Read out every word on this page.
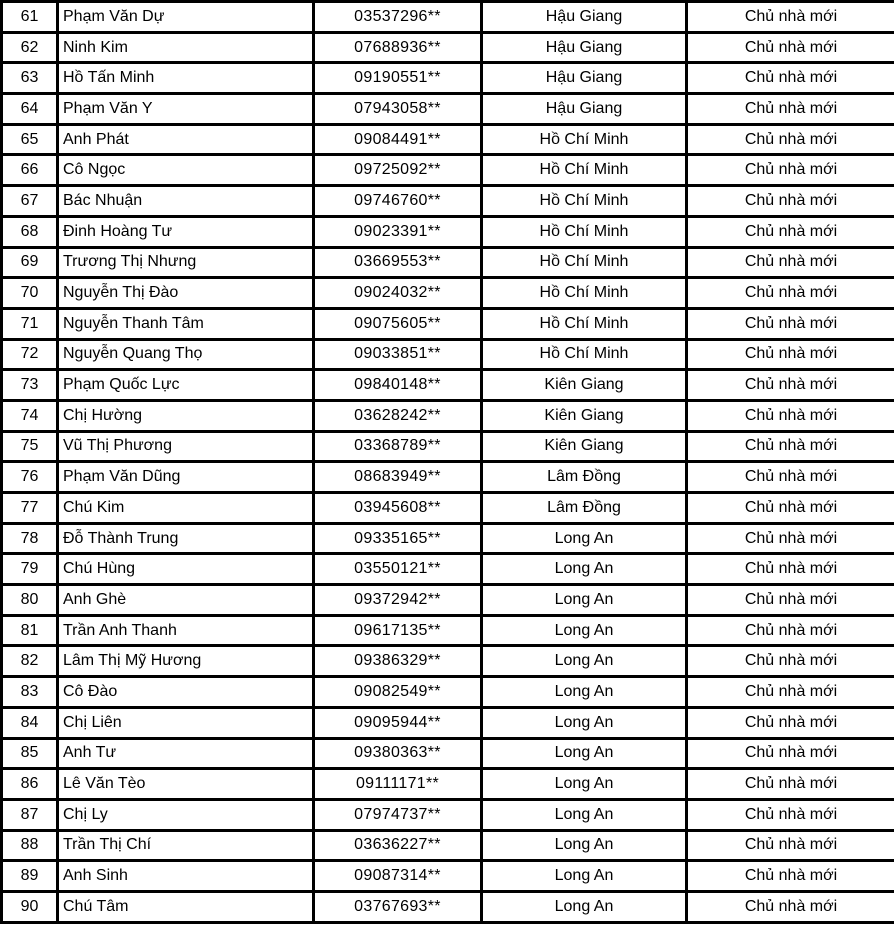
61	Phạm Văn Dự	03537296**	Hậu Giang	Chủ nhà mới
62	Ninh Kim	07688936**	Hậu Giang	Chủ nhà mới
63	Hồ Tấn Minh	09190551**	Hậu Giang	Chủ nhà mới
64	Phạm Văn Y	07943058**	Hậu Giang	Chủ nhà mới
65	Anh Phát	09084491**	Hồ Chí Minh	Chủ nhà mới
66	Cô Ngọc	09725092**	Hồ Chí Minh	Chủ nhà mới
67	Bác Nhuận	09746760**	Hồ Chí Minh	Chủ nhà mới
68	Đinh Hoàng Tư	09023391**	Hồ Chí Minh	Chủ nhà mới
69	Trương Thị Nhưng	03669553**	Hồ Chí Minh	Chủ nhà mới
70	Nguyễn Thị Đào	09024032**	Hồ Chí Minh	Chủ nhà mới
71	Nguyễn Thanh Tâm	09075605**	Hồ Chí Minh	Chủ nhà mới
72	Nguyễn Quang Thọ	09033851**	Hồ Chí Minh	Chủ nhà mới
73	Phạm Quốc Lực	09840148**	Kiên Giang	Chủ nhà mới
74	Chị Hường	03628242**	Kiên Giang	Chủ nhà mới
75	Vũ Thị Phương	03368789**	Kiên Giang	Chủ nhà mới
76	Phạm Văn Dũng	08683949**	Lâm Đồng	Chủ nhà mới
77	Chú Kim	03945608**	Lâm Đồng	Chủ nhà mới
78	Đỗ Thành Trung	09335165**	Long An	Chủ nhà mới
79	Chú Hùng	03550121**	Long An	Chủ nhà mới
80	Anh Ghè	09372942**	Long An	Chủ nhà mới
81	Trần Anh Thanh	09617135**	Long An	Chủ nhà mới
82	Lâm Thị Mỹ Hương	09386329**	Long An	Chủ nhà mới
83	Cô Đào	09082549**	Long An	Chủ nhà mới
84	Chị Liên	09095944**	Long An	Chủ nhà mới
85	Anh Tư	09380363**	Long An	Chủ nhà mới
86	Lê Văn Tèo	09111171**	Long An	Chủ nhà mới
87	Chị Ly	07974737**	Long An	Chủ nhà mới
88	Trần Thị Chí	03636227**	Long An	Chủ nhà mới
89	Anh Sinh	09087314**	Long An	Chủ nhà mới
90	Chú Tâm	03767693**	Long An	Chủ nhà mới
